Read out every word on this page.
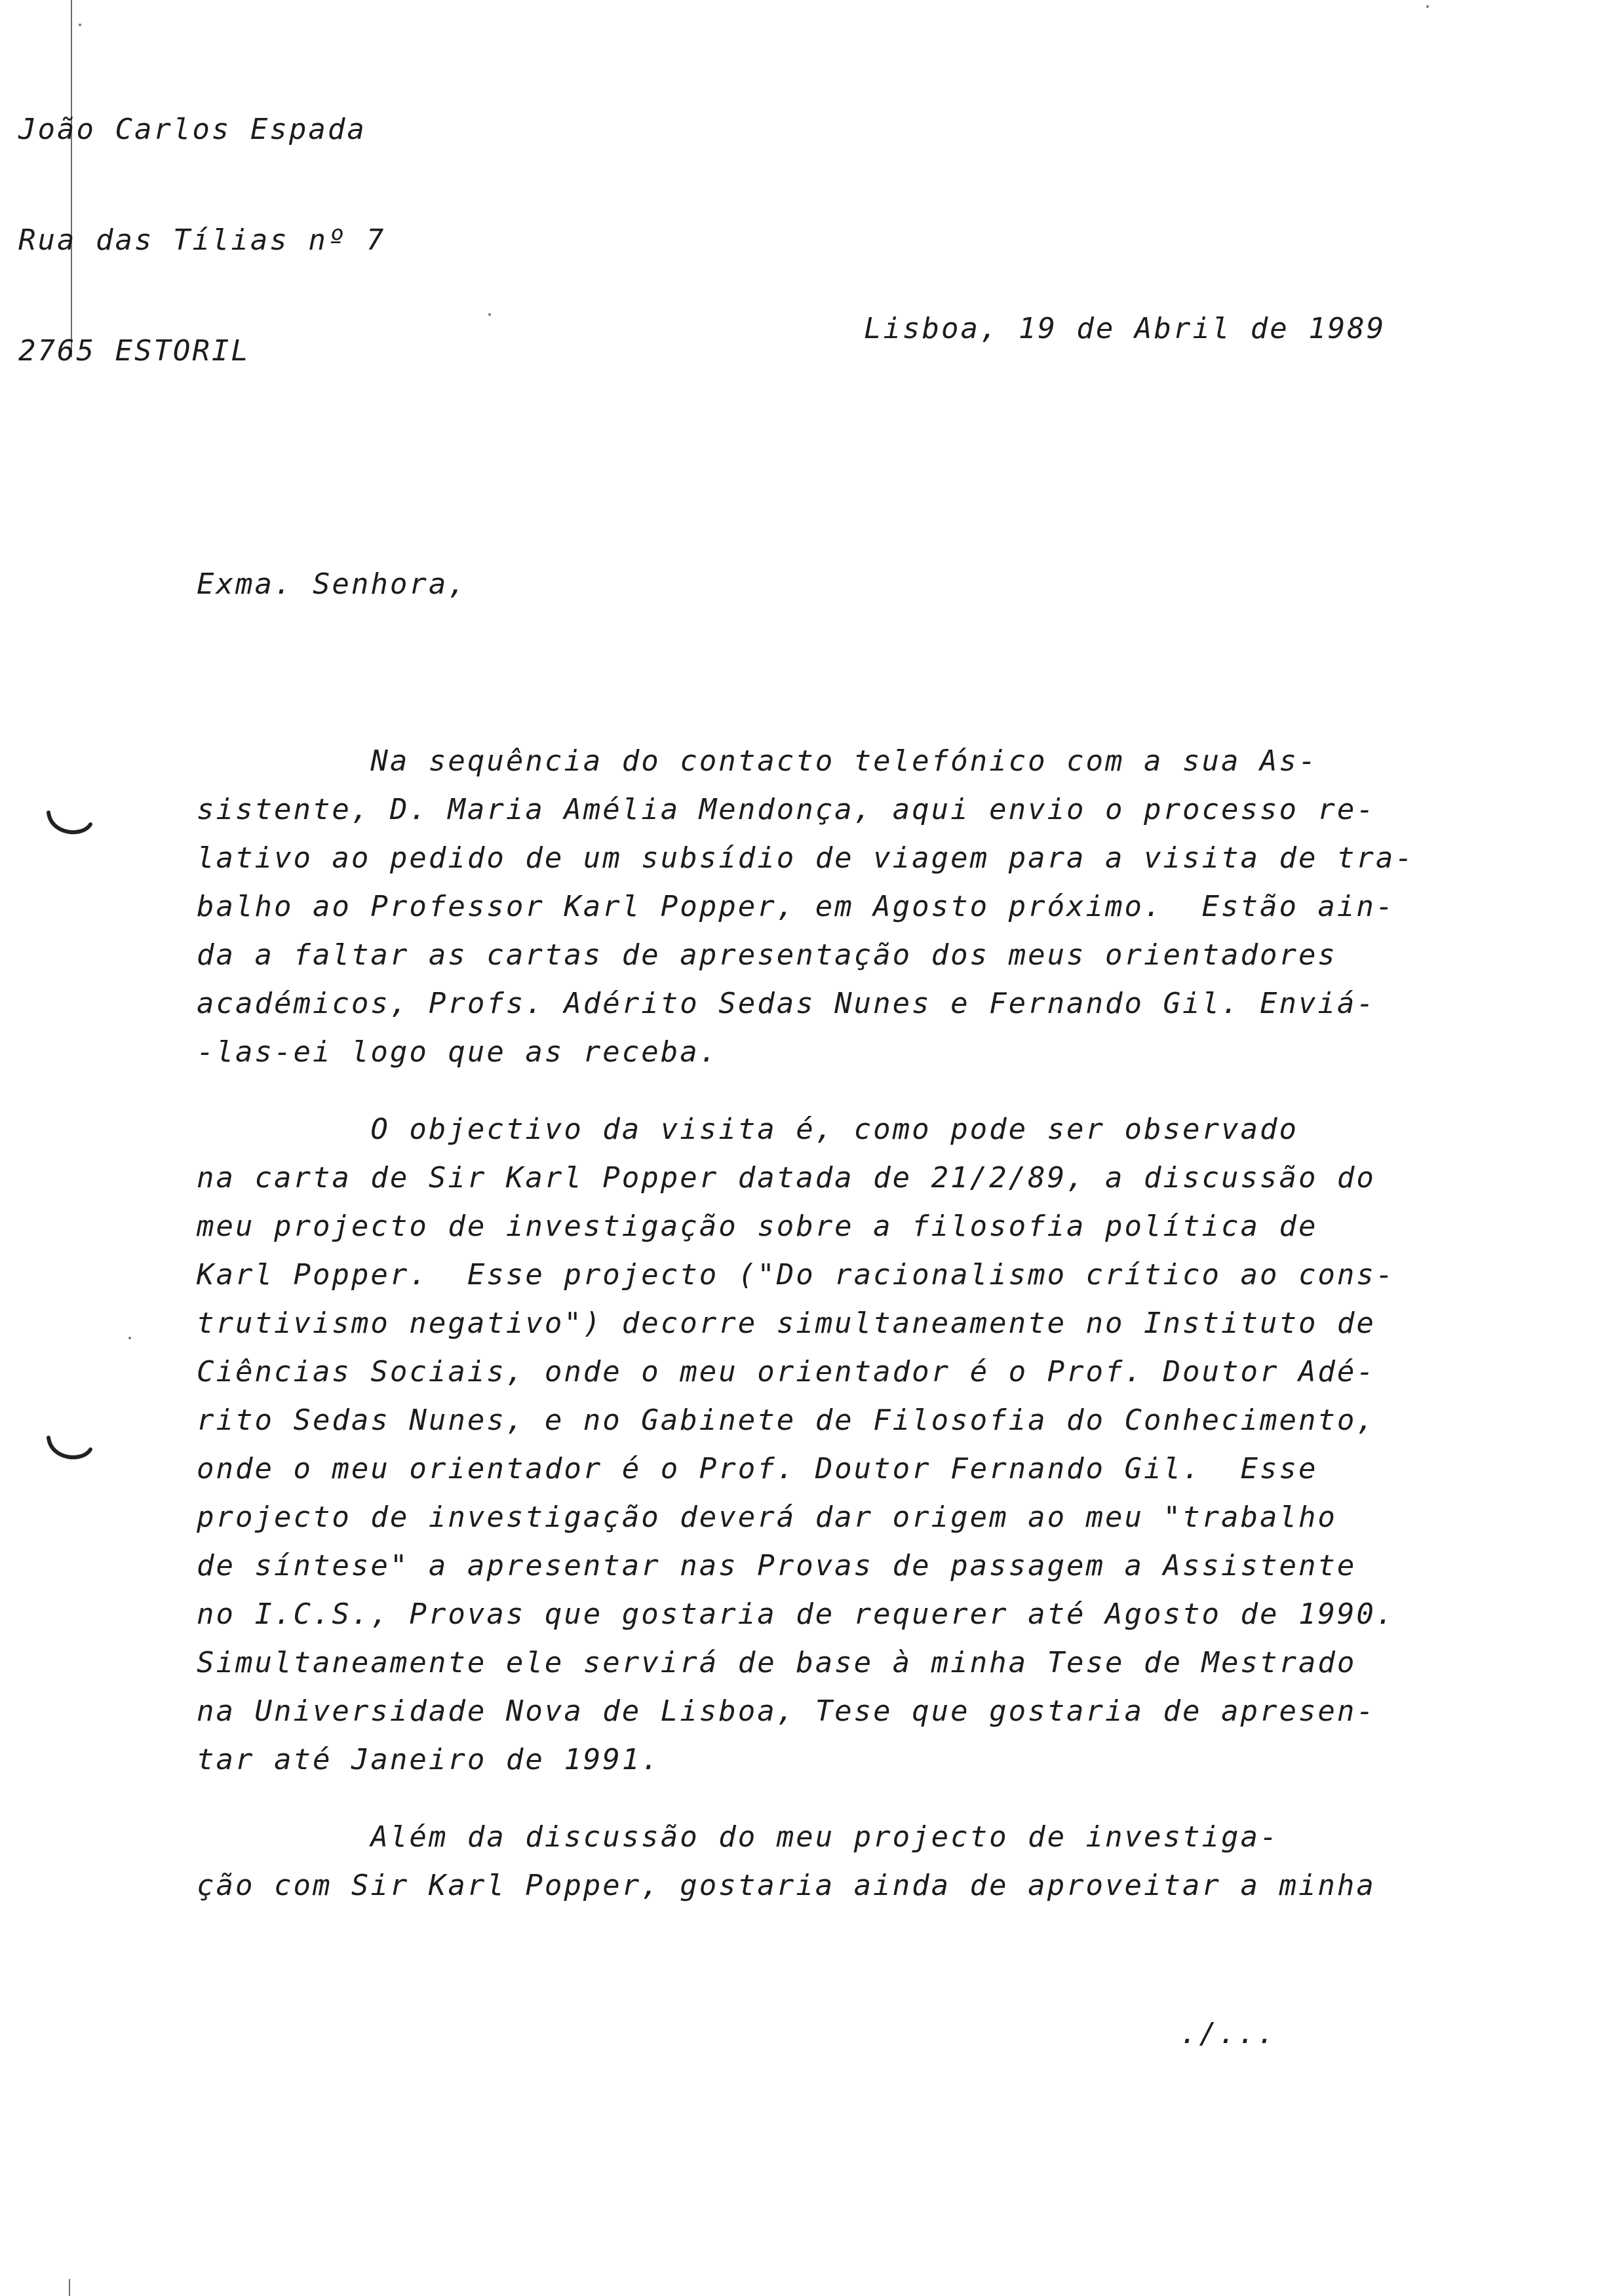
João Carlos Espada

Rua das Tílias nº 7

2765 ESTORIL

Lisboa, 19 de Abril de 1989
Exma. Senhora,
Na sequência do contacto telefónico com a sua As-
sistente, D. Maria Amélia Mendonça, aqui envio o processo re-
lativo ao pedido de um subsídio de viagem para a visita de tra-
balho ao Professor Karl Popper, em Agosto próximo.  Estão ain-
da a faltar as cartas de apresentação dos meus orientadores
académicos, Profs. Adérito Sedas Nunes e Fernando Gil. Enviá-
-las-ei logo que as receba.
O objectivo da visita é, como pode ser observado
na carta de Sir Karl Popper datada de 21/2/89, a discussão do
meu projecto de investigação sobre a filosofia política de
Karl Popper.  Esse projecto ("Do racionalismo crítico ao cons-
trutivismo negativo") decorre simultaneamente no Instituto de
Ciências Sociais, onde o meu orientador é o Prof. Doutor Adé-
rito Sedas Nunes, e no Gabinete de Filosofia do Conhecimento,
onde o meu orientador é o Prof. Doutor Fernando Gil.  Esse
projecto de investigação deverá dar origem ao meu "trabalho
de síntese" a apresentar nas Provas de passagem a Assistente
no I.C.S., Provas que gostaria de requerer até Agosto de 1990.
Simultaneamente ele servirá de base à minha Tese de Mestrado
na Universidade Nova de Lisboa, Tese que gostaria de apresen-
tar até Janeiro de 1991.
Além da discussão do meu projecto de investiga-
ção com Sir Karl Popper, gostaria ainda de aproveitar a minha
./...
